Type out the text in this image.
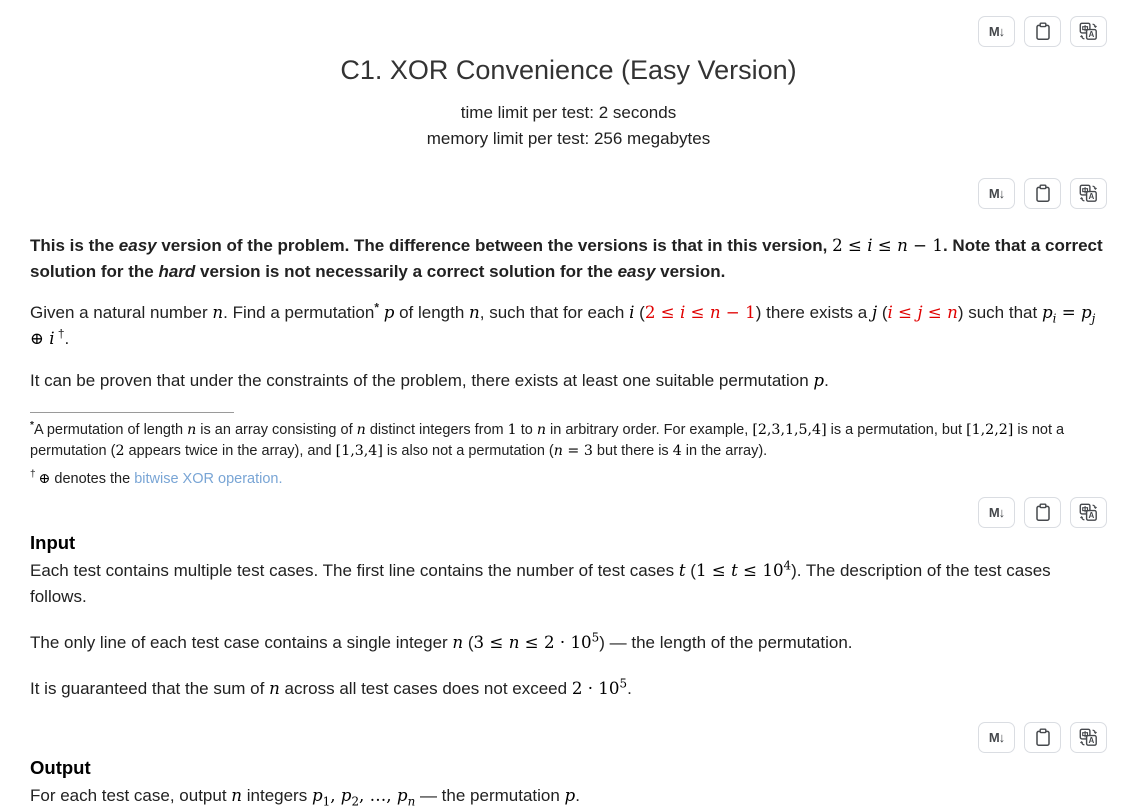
M↓	A
C1. XOR Convenience (Easy Version)
time limit per test: 2 seconds
memory limit per test: 256 megabytes
M↓	A

This is the easy version of the problem. The difference between the versions is that in this version, 2 ≤ i ≤ n − 1. Note that a correct solution for the hard version is not necessarily a correct solution for the easy version.

Given a natural number n. Find a permutation* p of length n, such that for each i (2 ≤ i ≤ n − 1) there exists a j (i ≤ j ≤ n) such that $p_i = p_j$ ⊕ i †.

It can be proven that under the constraints of the problem, there exists at least one suitable permutation p.

*A permutation of length n is an array consisting of n distinct integers from 1 to n in arbitrary order. For example, [2,3,1,5,4] is a permutation, but [1,2,2] is not a permutation (2 appears twice in the array), and [1,3,4] is also not a permutation (n = 3 but there is 4 in the array).

† ⊕ denotes the bitwise XOR operation.

M↓	A
Input

Each test contains multiple test cases. The first line contains the number of test cases t $(1 \le t \le 10^4)$. The description of the test cases follows.

The only line of each test case contains a single integer n $(3 \le n \le 2 \cdot 10^5)$ — the length of the permutation.

It is guaranteed that the sum of n across all test cases does not exceed $2 \cdot 10^5$.

M↓	A
Output

For each test case, output n integers $p_1$, $p_2$, …, $p_n$ — the permutation p.
